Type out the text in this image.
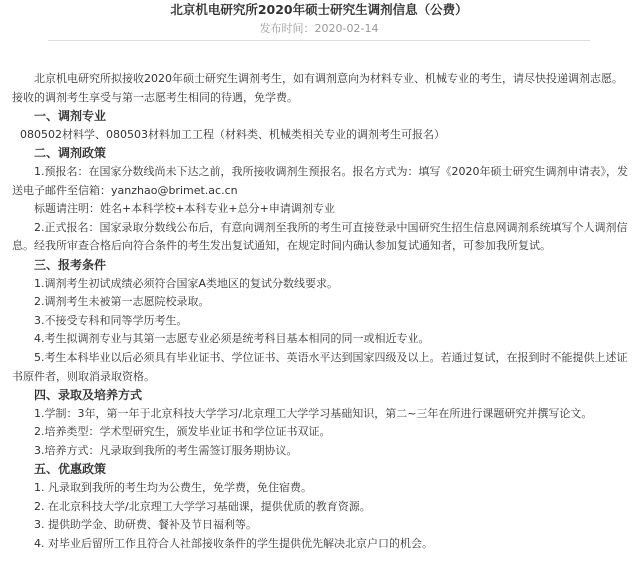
北京机电研究所2020年硕士研究生调剂信息（公费）
发布时间：2020-02-14

北京机电研究所拟接收2020年硕士研究生调剂考生，如有调剂意向为材料专业、机械专业的考生，请尽快投递调剂志愿。接收的调剂考生享受与第一志愿考生相同的待遇，免学费。

一、调剂专业

080502材料学、080503材料加工工程（材料类、机械类相关专业的调剂考生可报名）

二、调剂政策

1.预报名：在国家分数线尚未下达之前，我所接收调剂生预报名。报名方式为：填写《2020年硕士研究生调剂申请表》，发送电子邮件至信箱：yanzhao@brimet.ac.cn

标题请注明：姓名+本科学校+本科专业+总分+申请调剂专业

2.正式报名：国家录取分数线公布后，有意向调剂至我所的考生可直接登录中国研究生招生信息网调剂系统填写个人调剂信息。经我所审查合格后向符合条件的考生发出复试通知，在规定时间内确认参加复试通知者，可参加我所复试。

三、报考条件

1.调剂考生初试成绩必须符合国家A类地区的复试分数线要求。

2.调剂考生未被第一志愿院校录取。

3.不接受专科和同等学历考生。

4.考生拟调剂专业与其第一志愿专业必须是统考科目基本相同的同一或相近专业。

5.考生本科毕业以后必须具有毕业证书、学位证书、英语水平达到国家四级及以上。若通过复试，在报到时不能提供上述证书原件者，则取消录取资格。

四、录取及培养方式

1.学制：3年，第一年于北京科技大学学习/北京理工大学学习基础知识，第二~三年在所进行课题研究并撰写论文。

2.培养类型：学术型研究生，颁发毕业证书和学位证书双证。

3.培养方式：凡录取到我所的考生需签订服务期协议。

五、优惠政策

1. 凡录取到我所的考生均为公费生，免学费，免住宿费。

2. 在北京科技大学/北京理工大学学习基础课，提供优质的教育资源。

3. 提供助学金、助研费、餐补及节日福利等。

4. 对毕业后留所工作且符合人社部接收条件的学生提供优先解决北京户口的机会。
